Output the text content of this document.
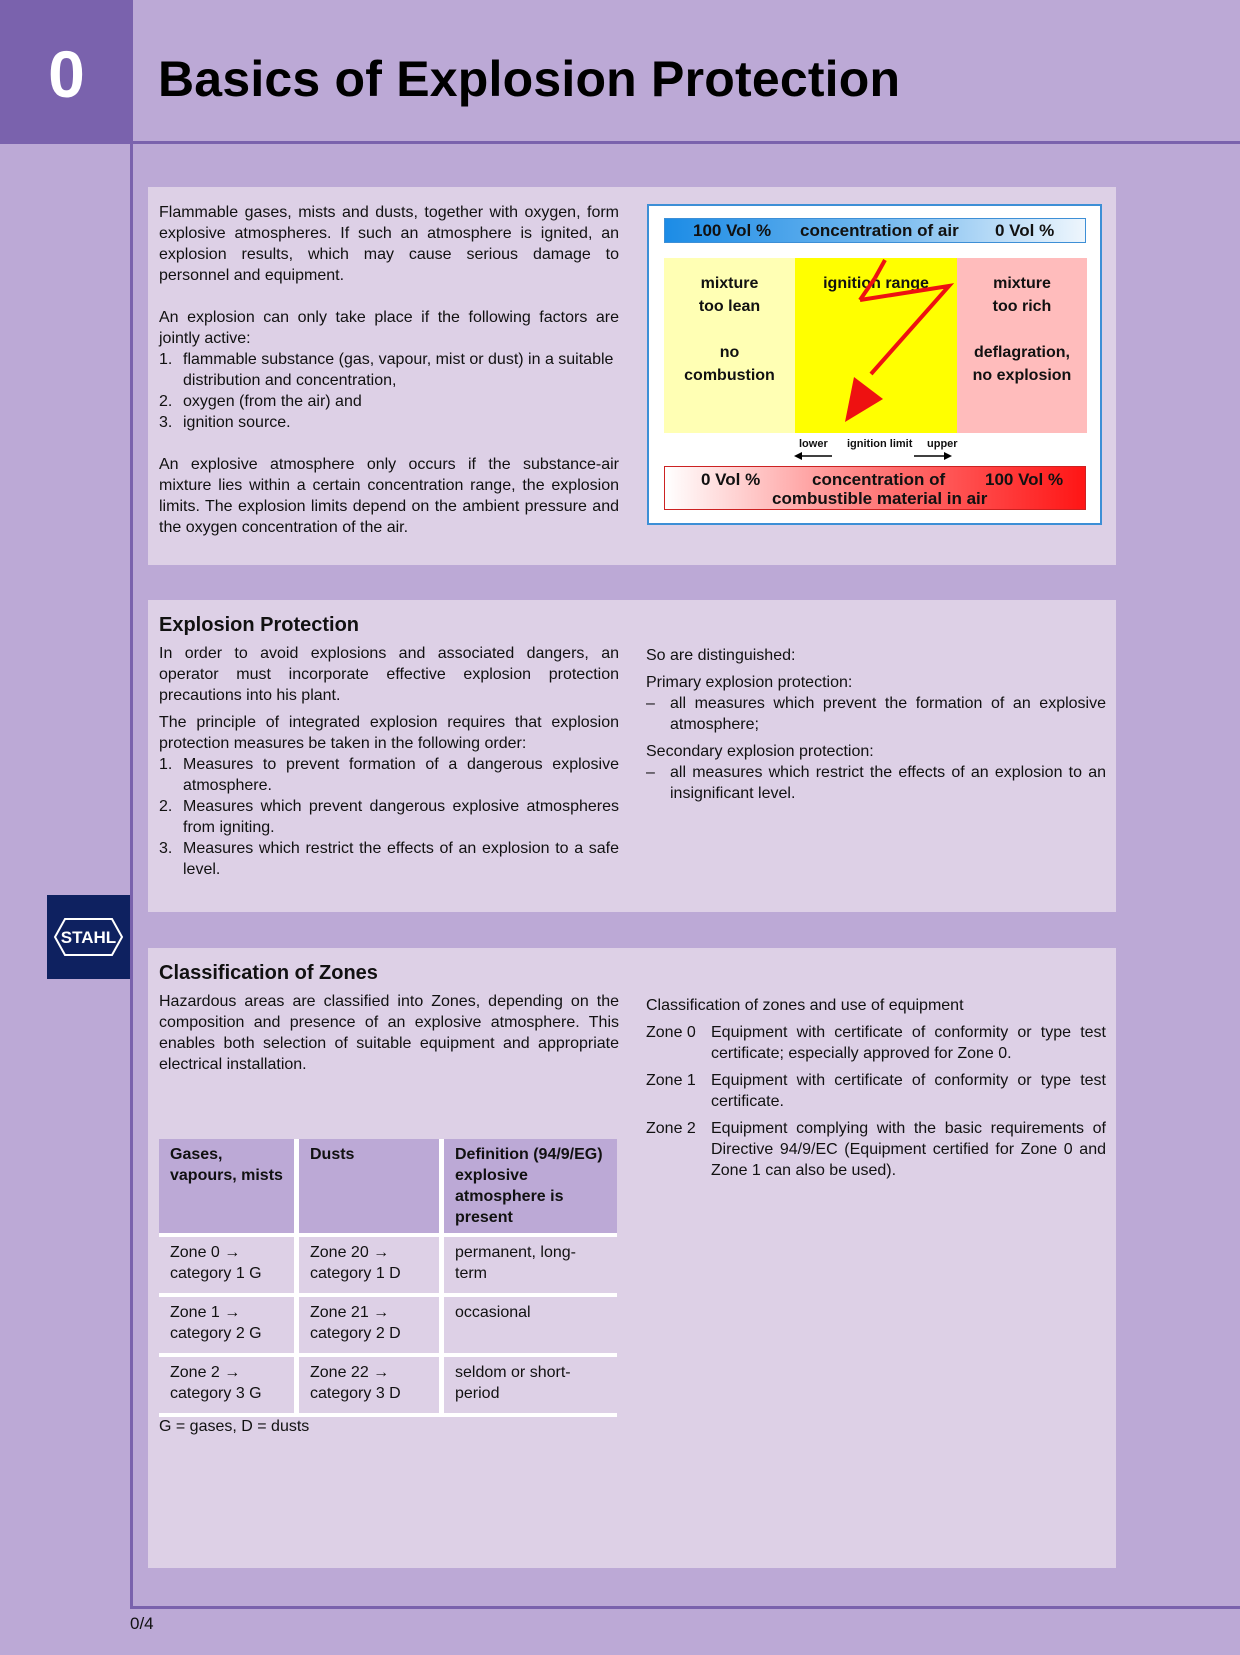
0	Basics of Explosion Protection

Flammable gases, mists and dusts, together with oxygen, form explosive atmospheres. If such an atmosphere is ignited, an explosion results, which may cause serious damage to personnel and equipment.

An explosion can only take place if the following factors are jointly active:

1. flammable substance (gas, vapour, mist or dust) in a suitable distribution and concentration,
2. oxygen (from the air) and
3. ignition source.

An explosive atmosphere only occurs if the substance-air mixture lies within a certain concentration range, the explosion limits. The explosion limits depend on the ambient pressure and the oxygen concentration of the air.

100 Vol % concentration of air 0 Vol %
mixture
too lean
no
combustion
ignition range	mixture
too rich
deflagration,
no explosion
lower ignition limit upper
0 Vol %	concentration of
combustible material in air
100 Vol %
Explosion Protection

In order to avoid explosions and associated dangers, an operator must incorporate effective explosion protection precautions into his plant.

The principle of integrated explosion requires that explosion protection measures be taken in the following order:

1. Measures to prevent formation of a dangerous explosive atmosphere.
2. Measures which prevent dangerous explosive atmospheres from igniting.
3. Measures which restrict the effects of an explosion to a safe level.

So are distinguished:

Primary explosion protection:

– all measures which prevent the formation of an explosive atmosphere;

Secondary explosion protection:

– all measures which restrict the effects of an explosion to an insignificant level.
STAHL
Classification of Zones

Hazardous areas are classified into Zones, depending on the composition and presence of an explosive atmosphere. This enables both selection of suitable equipment and appropriate electrical installation.

Gases, vapours, mists	Dusts	Definition (94/9/EG) explosive atmosphere is present
Zone 0 → category 1 G	Zone 20 → category 1 D	permanent, long-term
Zone 1 → category 2 G	Zone 21 → category 2 D	occasional
Zone 2 → category 3 G	Zone 22 → category 3 D	seldom or short-period
G = gases, D = dusts

Classification of zones and use of equipment

Zone 0 Equipment with certificate of conformity or type test certificate; especially approved for Zone 0.
Zone 1 Equipment with certificate of conformity or type test certificate.
Zone 2 Equipment complying with the basic requirements of Directive 94/9/EC (Equipment certified for Zone 0 and Zone 1 can also be used).
0/4
